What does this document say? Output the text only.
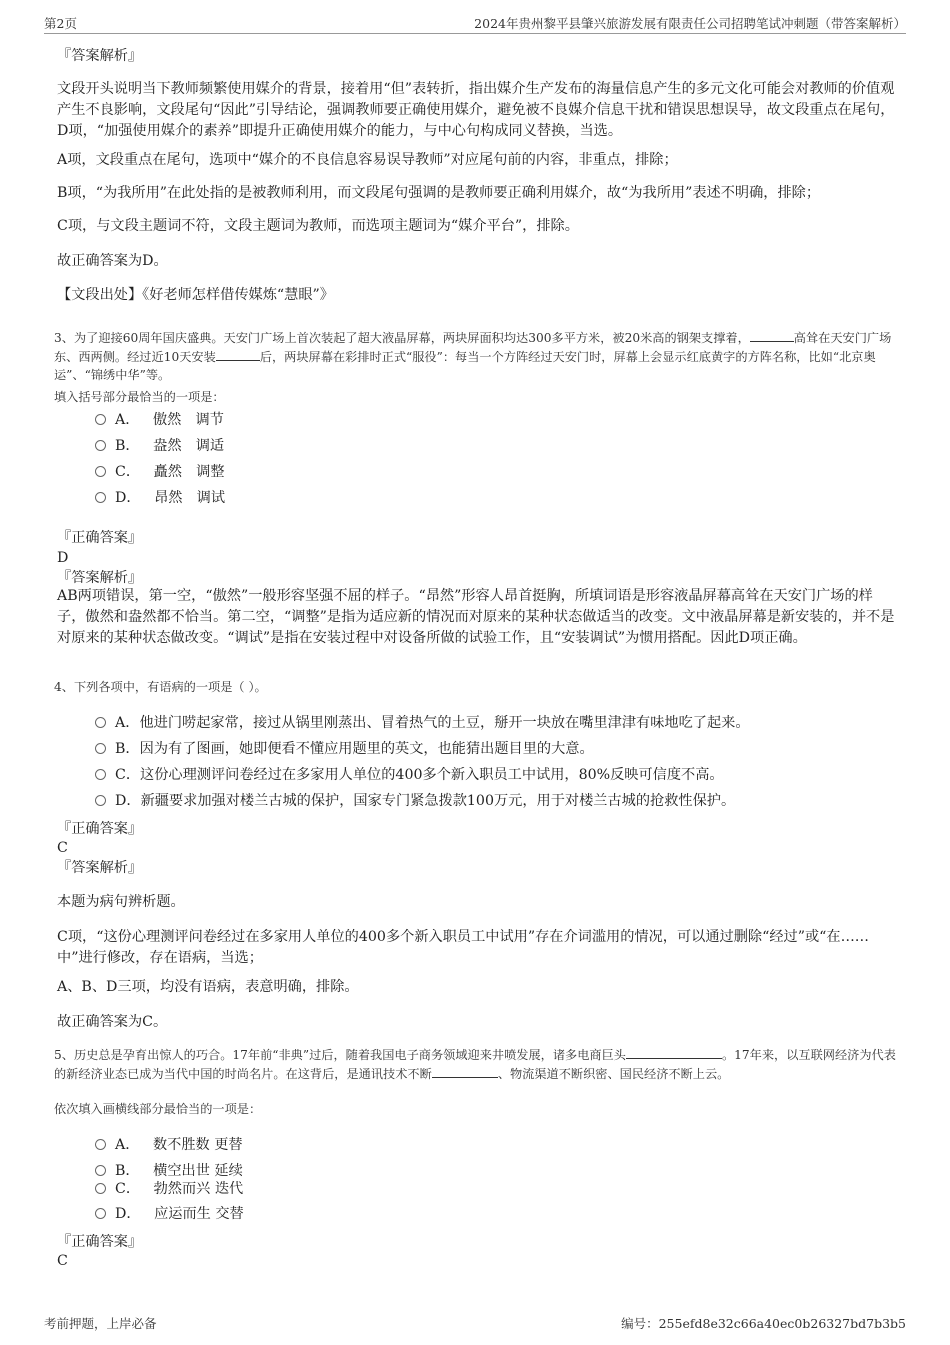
第2页	2024年贵州黎平县肇兴旅游发展有限责任公司招聘笔试冲刺题（带答案解析）

『答案解析』

文段开头说明当下教师频繁使用媒介的背景，接着用“但”表转折，指出媒介生产发布的海量信息产生的多元文化可能会对教师的价值观产生不良影响，文段尾句“因此”引导结论，强调教师要正确使用媒介，避免被不良媒介信息干扰和错误思想误导，故文段重点在尾句，D项，“加强使用媒介的素养”即提升正确使用媒介的能力，与中心句构成同义替换，当选。

A项，文段重点在尾句，选项中“媒介的不良信息容易误导教师”对应尾句前的内容，非重点，排除；

B项，“为我所用”在此处指的是被教师利用，而文段尾句强调的是教师要正确利用媒介，故“为我所用”表述不明确，排除；

C项，与文段主题词不符，文段主题词为教师，而选项主题词为“媒介平台”，排除。

故正确答案为D。

【文段出处】《好老师怎样借传媒炼“慧眼”》

3、为了迎接60周年国庆盛典。天安门广场上首次装起了超大液晶屏幕，两块屏面积均达300多平方米，被20米高的钢架支撑着，	高耸在天安门广场东、西两侧。经过近10天安装	后，两块屏幕在彩排时正式“服役”：每当一个方阵经过天安门时，屏幕上会显示红底黄字的方阵名称，比如“北京奥运”、“锦绣中华”等。

填入括号部分最恰当的一项是：

A． 傲然　调节
B． 盎然　调适
C． 矗然　调整
D． 昂然　调试

『正确答案』

D

『答案解析』

AB两项错误，第一空，“傲然”一般形容坚强不屈的样子。“昂然”形容人昂首挺胸，所填词语是形容液晶屏幕高耸在天安门广场的样子，傲然和盎然都不恰当。第二空，“调整”是指为适应新的情况而对原来的某种状态做适当的改变。文中液晶屏幕是新安装的，并不是对原来的某种状态做改变。“调试”是指在安装过程中对设备所做的试验工作，且“安装调试”为惯用搭配。因此D项正确。

4、下列各项中，有语病的一项是（ ）。

A．他进门唠起家常，接过从锅里刚蒸出、冒着热气的土豆，掰开一块放在嘴里津津有味地吃了起来。
B．因为有了图画，她即便看不懂应用题里的英文，也能猜出题目里的大意。
C．这份心理测评问卷经过在多家用人单位的400多个新入职员工中试用，80%反映可信度不高。
D．新疆要求加强对楼兰古城的保护，国家专门紧急拨款100万元，用于对楼兰古城的抢救性保护。

『正确答案』

C

『答案解析』

本题为病句辨析题。

C项，“这份心理测评问卷经过在多家用人单位的400多个新入职员工中试用”存在介词滥用的情况，可以通过删除“经过”或“在……中”进行修改，存在语病，当选；

A、B、D三项，均没有语病，表意明确，排除。

故正确答案为C。

5、历史总是孕育出惊人的巧合。17年前“非典”过后，随着我国电子商务领域迎来井喷发展，诸多电商巨头	。17年来，以互联网经济为代表的新经济业态已成为当代中国的时尚名片。在这背后，是通讯技术不断	、物流渠道不断织密、国民经济不断上云。

依次填入画横线部分最恰当的一项是：

A． 数不胜数 更替
B． 横空出世 延续
C． 勃然而兴 迭代
D． 应运而生 交替

『正确答案』

C

考前押题，上岸必备	编号：255efd8e32c66a40ec0b26327bd7b3b5
